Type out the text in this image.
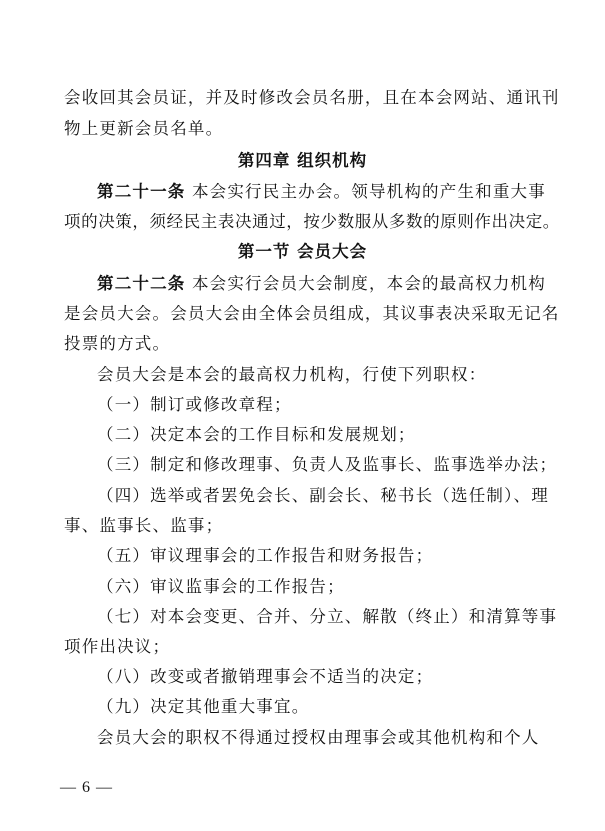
会收回其会员证，并及时修改会员名册，且在本会网站、通讯刊
物上更新会员名单。
第四章 组织机构
第二十一条 本会实行民主办会。领导机构的产生和重大事
项的决策，须经民主表决通过，按少数服从多数的原则作出决定。
第一节 会员大会
第二十二条 本会实行会员大会制度，本会的最高权力机构
是会员大会。会员大会由全体会员组成，其议事表决采取无记名
投票的方式。
会员大会是本会的最高权力机构，行使下列职权：
（一）制订或修改章程；
（二）决定本会的工作目标和发展规划；
（三）制定和修改理事、负责人及监事长、监事选举办法；
（四）选举或者罢免会长、副会长、秘书长（选任制）、理
事、监事长、监事；
（五）审议理事会的工作报告和财务报告；
（六）审议监事会的工作报告；
（七）对本会变更、合并、分立、解散（终止）和清算等事
项作出决议；
（八）改变或者撤销理事会不适当的决定；
（九）决定其他重大事宜。
会员大会的职权不得通过授权由理事会或其他机构和个人
— 6 —
